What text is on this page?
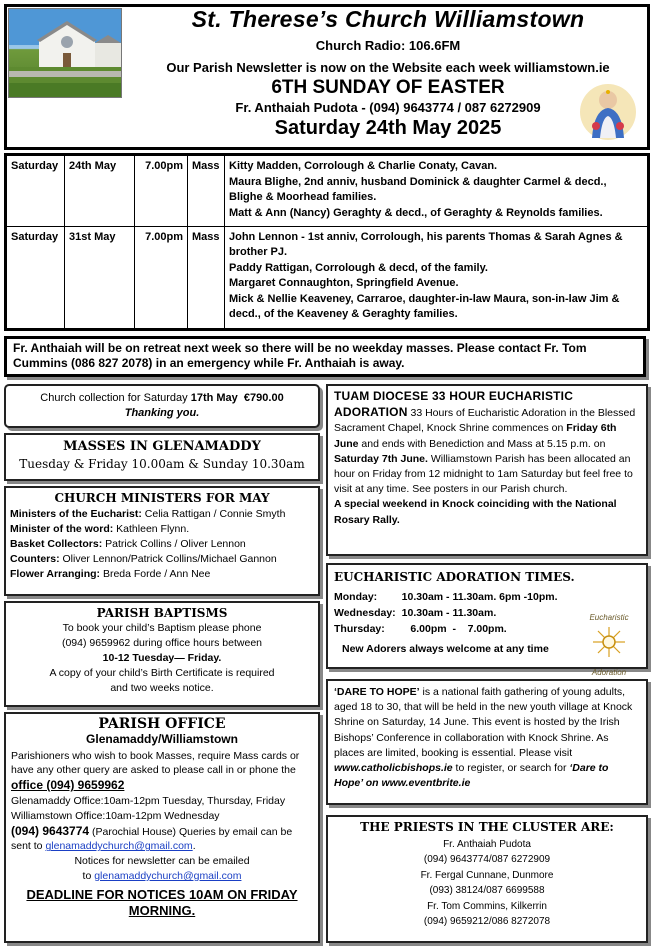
St. Therese’s Church Williamstown
Church Radio: 106.6FM
Our Parish Newsletter is now on the Website each week williamstown.ie
6TH SUNDAY OF EASTER
Fr. Anthaiah Pudota - (094) 9643774 / 087 6272909
Saturday 24th May 2025
Saturday	24th May	7.00pm	Mass	Kitty Madden, Corrolough & Charlie Conaty, Cavan.
Maura Blighe, 2nd anniv, husband Dominick & daughter Carmel & decd., Blighe & Moorhead families.
Matt & Ann (Nancy) Geraghty & decd., of Geraghty & Reynolds families.

Saturday	31st May	7.00pm	Mass	John Lennon - 1st anniv, Corrolough, his parents Thomas & Sarah Agnes & brother PJ.
Paddy Rattigan, Corrolough & decd, of the family.
Margaret Connaughton, Springfield Avenue.
Mick & Nellie Keaveney, Carraroe, daughter-in-law Maura, son-in-law Jim & decd., of the Keaveney & Geraghty families.
Fr. Anthaiah will be on retreat next week so there will be no weekday masses. Please contact Fr. Tom Cummins (086 827 2078) in an emergency while Fr. Anthaiah is away.
Church collection for Saturday 17th May €790.00
Thanking you.
MASSES IN GLENAMADDY
Tuesday & Friday 10.00am & Sunday 10.30am
CHURCH MINISTERS FOR MAY
Ministers of the Eucharist: Celia Rattigan / Connie Smyth
Minister of the word: Kathleen Flynn.
Basket Collectors: Patrick Collins / Oliver Lennon
Counters: Oliver Lennon/Patrick Collins/Michael Gannon
Flower Arranging: Breda Forde / Ann Nee
PARISH BAPTISMS
To book your child’s Baptism please phone
(094) 9659962 during office hours between
10-12 Tuesday— Friday.
A copy of your child’s Birth Certificate is required
and two weeks notice.
PARISH OFFICE
Glenamaddy/Williamstown
Parishioners who wish to book Masses, require Mass cards or have any other query are asked to please call in or phone the office (094) 9659962
Glenamaddy Office:10am-12pm Tuesday, Thursday, Friday
Williamstown Office:10am-12pm Wednesday
(094) 9643774 (Parochial House) Queries by email can be sent to glenamaddychurch@gmail.com.
Notices for newsletter can be emailed
to glenamaddychurch@gmail.com
DEADLINE FOR NOTICES 10AM ON FRIDAY MORNING.
TUAM DIOCESE 33 HOUR EUCHARISTIC ADORATION 33 Hours of Eucharistic Adoration in the Blessed Sacrament Chapel, Knock Shrine commences on Friday 6th June and ends with Benediction and Mass at 5.15 p.m. on Saturday 7th June. Williamstown Parish has been allocated an hour on Friday from 12 midnight to 1am Saturday but feel free to visit at any time. See posters in our Parish church.
A special weekend in Knock coinciding with the National Rosary Rally.
EUCHARISTIC ADORATION TIMES.
Monday:	10.30am - 11.30am. 6pm -10pm.
Wednesday:	10.30am - 11.30am.
Thursday:	6.00pm  -    7.00pm.
New Adorers always welcome at any time
Eucharistic
Adoration
‘DARE TO HOPE’ is a national faith gathering of young adults, aged 18 to 30, that will be held in the new youth village at Knock Shrine on Saturday, 14 June. This event is hosted by the Irish Bishops’ Conference in collaboration with Knock Shrine. As places are limited, booking is essential. Please visit www.catholicbishops.ie to register, or search for ‘Dare to Hope’ on www.eventbrite.ie
THE PRIESTS IN THE CLUSTER ARE:
Fr. Anthaiah Pudota
(094) 9643774/087 6272909
Fr. Fergal Cunnane, Dunmore
(093) 38124/087 6699588
Fr. Tom Commins, Kilkerrin
(094) 9659212/086 8272078
